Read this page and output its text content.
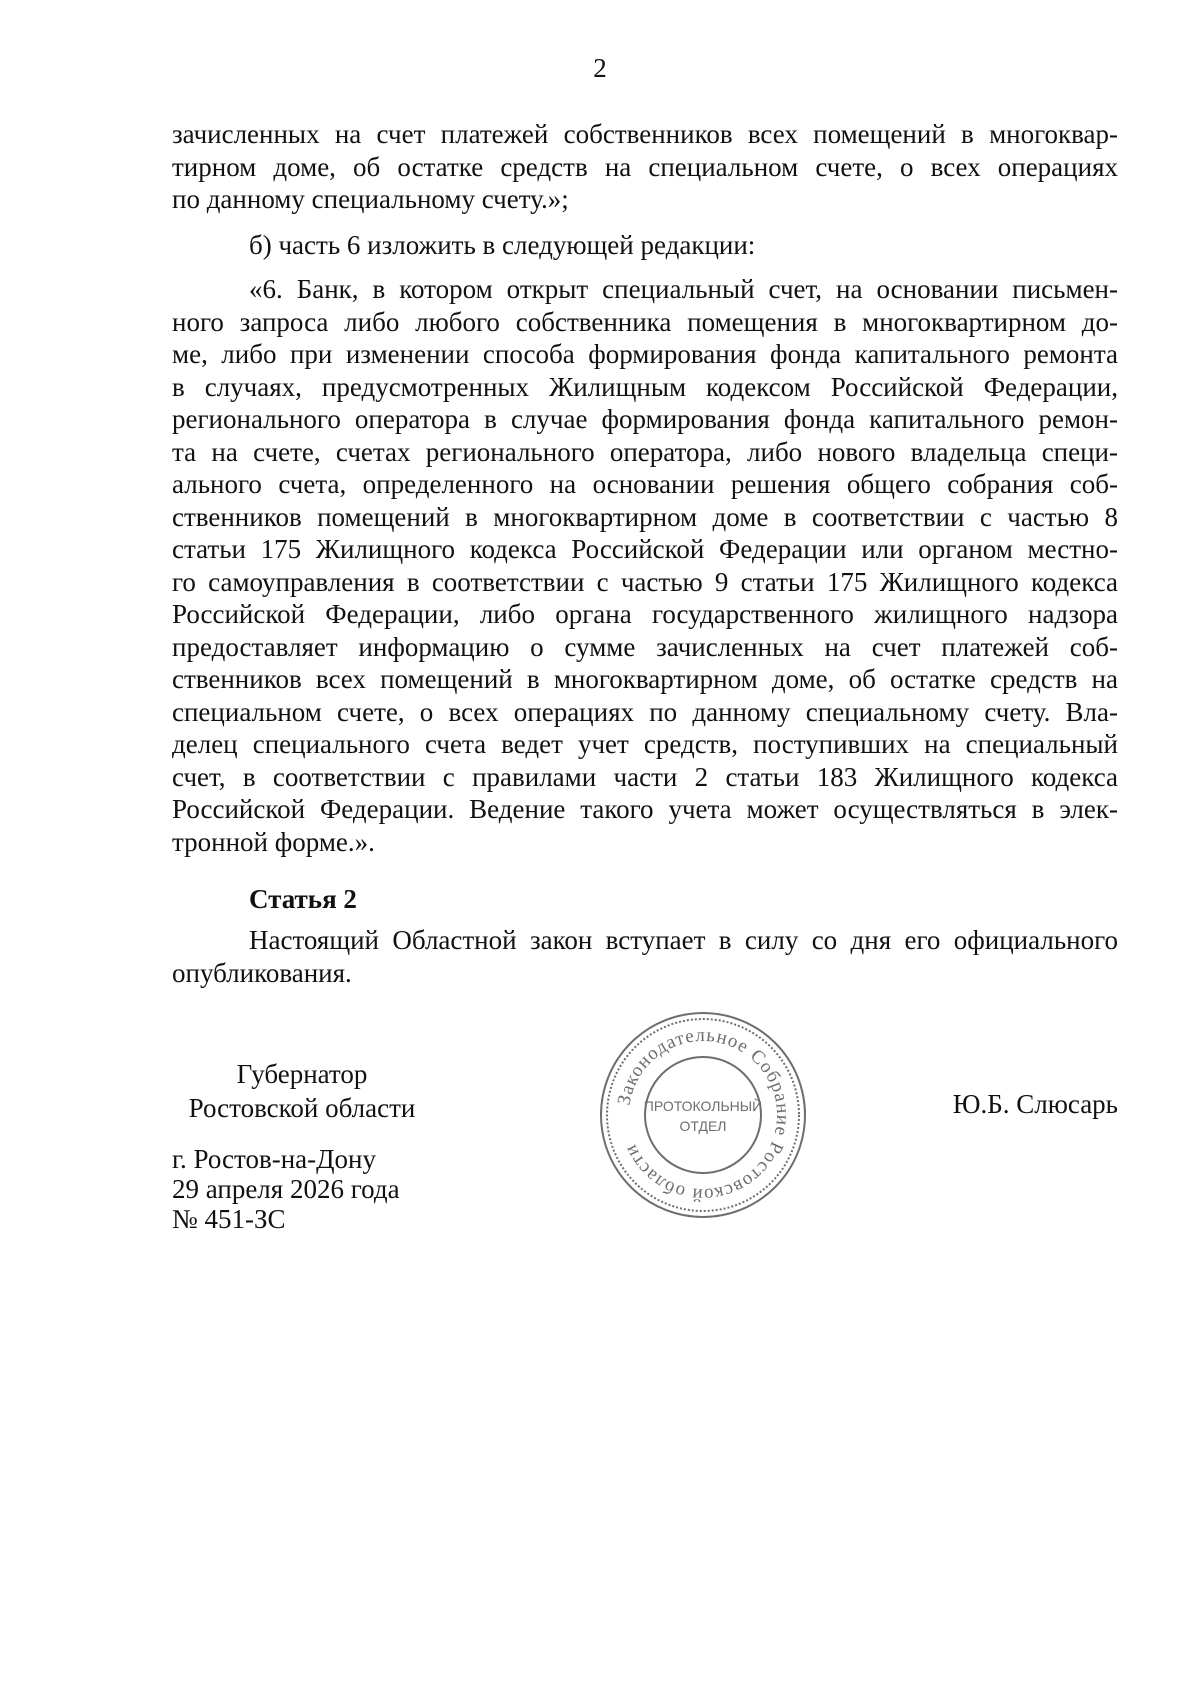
2
зачисленных на счет платежей собственников всех помещений в многоквар-
тирном доме, об остатке средств на специальном счете, о всех операциях
по данному специальному счету.»;
б) часть 6 изложить в следующей редакции:
«6. Банк, в котором открыт специальный счет, на основании письмен-
ного запроса либо любого собственника помещения в многоквартирном до-
ме, либо при изменении способа формирования фонда капитального ремонта
в случаях, предусмотренных Жилищным кодексом Российской Федерации,
регионального оператора в случае формирования фонда капитального ремон-
та на счете, счетах регионального оператора, либо нового владельца специ-
ального счета, определенного на основании решения общего собрания соб-
ственников помещений в многоквартирном доме в соответствии с частью 8
статьи 175 Жилищного кодекса Российской Федерации или органом местно-
го самоуправления в соответствии с частью 9 статьи 175 Жилищного кодекса
Российской Федерации, либо органа государственного жилищного надзора
предоставляет информацию о сумме зачисленных на счет платежей соб-
ственников всех помещений в многоквартирном доме, об остатке средств на
специальном счете, о всех операциях по данному специальному счету. Вла-
делец специального счета ведет учет средств, поступивших на специальный
счет, в соответствии с правилами части 2 статьи 183 Жилищного кодекса
Российской Федерации. Ведение такого учета может осуществляться в элек-
тронной форме.».
Статья 2
Настоящий Областной закон вступает в силу со дня его официального
опубликования.
Губернатор
Ростовской области	Ю.Б. Слюсарь
г. Ростов-на-Дону
29 апреля 2026 года
№ 451-ЗС
Законодательное Собрание Ростовской области
ПРОТОКОЛЬНЫЙ
ОТДЕЛ
